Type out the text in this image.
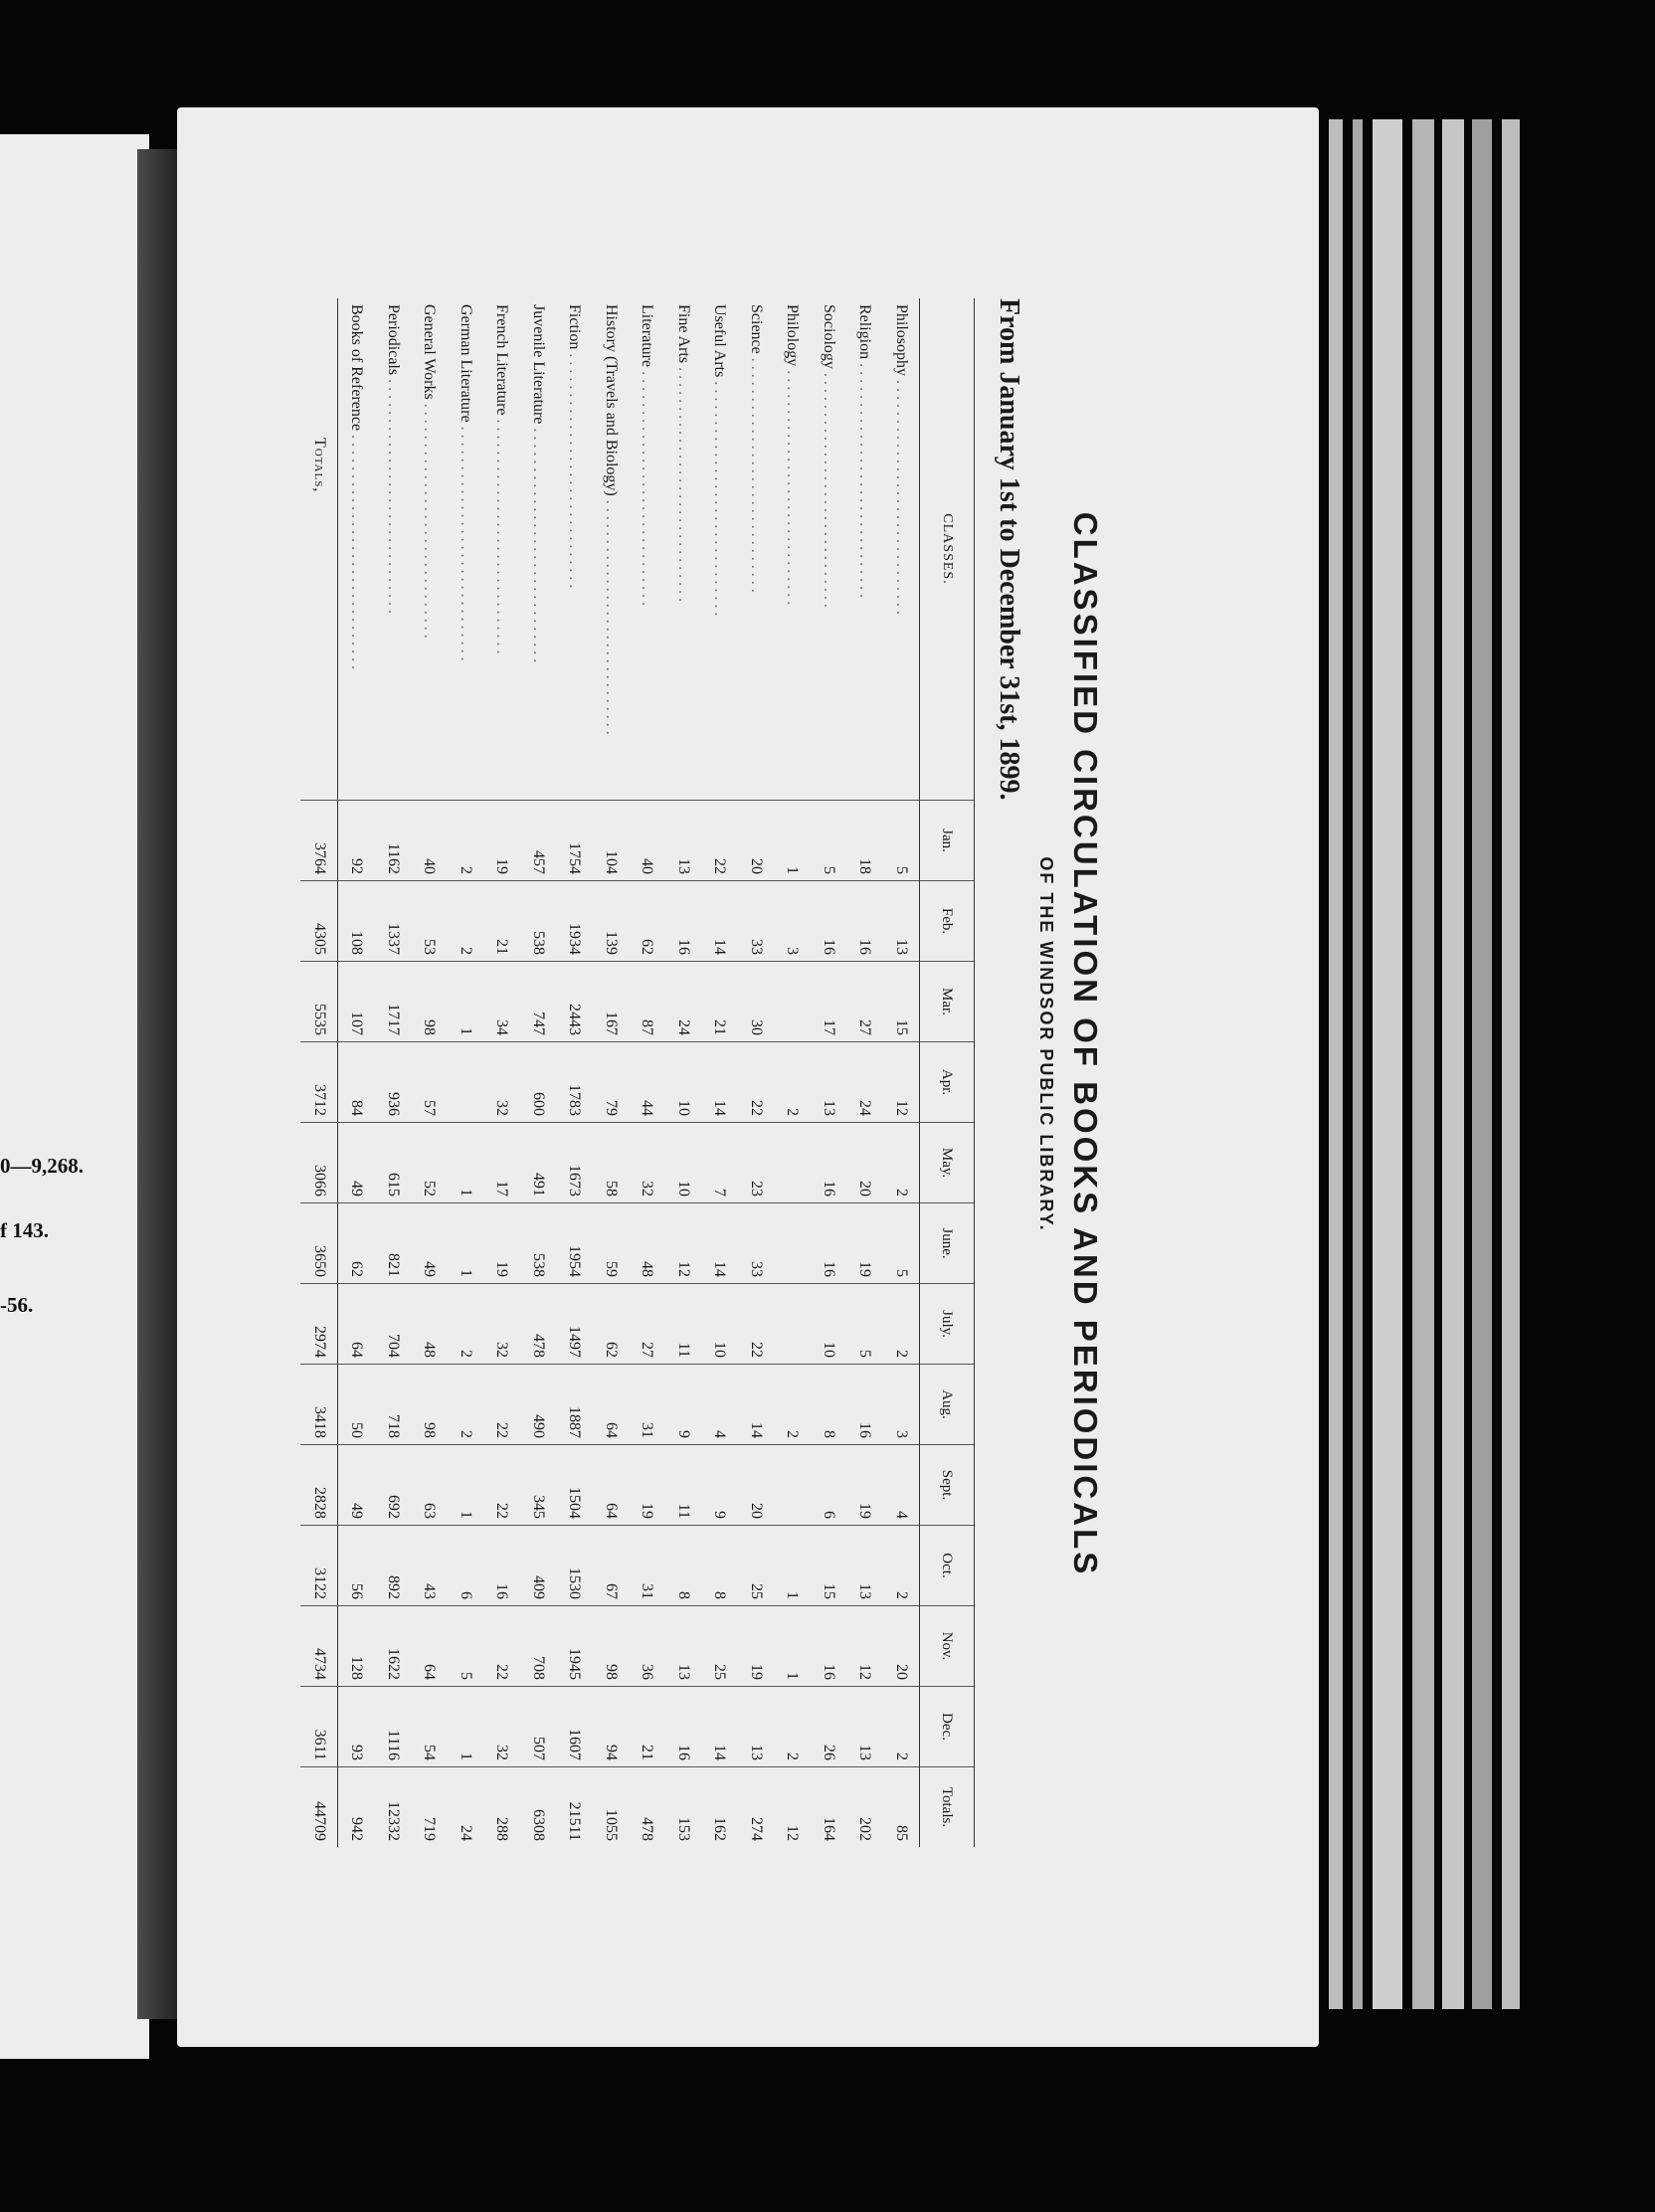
0—9,268.
f 143.
-56.	CLASSIFIED CIRCULATION OF BOOKS AND PERIODICALS
OF THE WINDSOR PUBLIC LIBRARY.
From January 1st to December 31st, 1899.
CLASSES.	Jan.	Feb.	Mar.	Apr.	May.	June.	July.	Aug.	Sept.	Oct.	Nov.	Dec.	Totals.
Philosophy . . .	5	13	15	12	2	5	2	3	4	2	20	2	85
Religion . . .	18	16	27	24	20	19	5	16	19	13	12	13	202
Sociology . . .	5	16	17	13	16	16	10	8	6	15	16	26	164
Philology . . .	1	3		2				2		1	1	2	12
Science . . .	20	33	30	22	23	33	22	14	20	25	19	13	274
Useful Arts . . .	22	14	21	14	7	14	10	4	9	8	25	14	162
Fine Arts . . .	13	16	24	10	10	12	11	9	11	8	13	16	153
Literature . . .	40	62	87	44	32	48	27	31	19	31	36	21	478
History (Travels and Biology) . . .	104	139	167	79	58	59	62	64	64	67	98	94	1055
Fiction . . .	1754	1934	2443	1783	1673	1954	1497	1887	1504	1530	1945	1607	21511
Juvenile Literature . . .	457	538	747	600	491	538	478	490	345	409	708	507	6308
French Literature . . .	19	21	34	32	17	19	32	22	22	16	22	32	288
German Literature . . .	2	2	1		1	1	2	2	1	6	5	1	24
General Works . . .	40	53	98	57	52	49	48	98	63	43	64	54	719
Periodicals . . .	1162	1337	1717	936	615	821	704	718	692	892	1622	1116	12332
Books of Reference . . .	92	108	107	84	49	62	64	50	49	56	128	93	942
Totals,	3764	4305	5535	3712	3066	3650	2974	3418	2828	3122	4734	3611	44709
